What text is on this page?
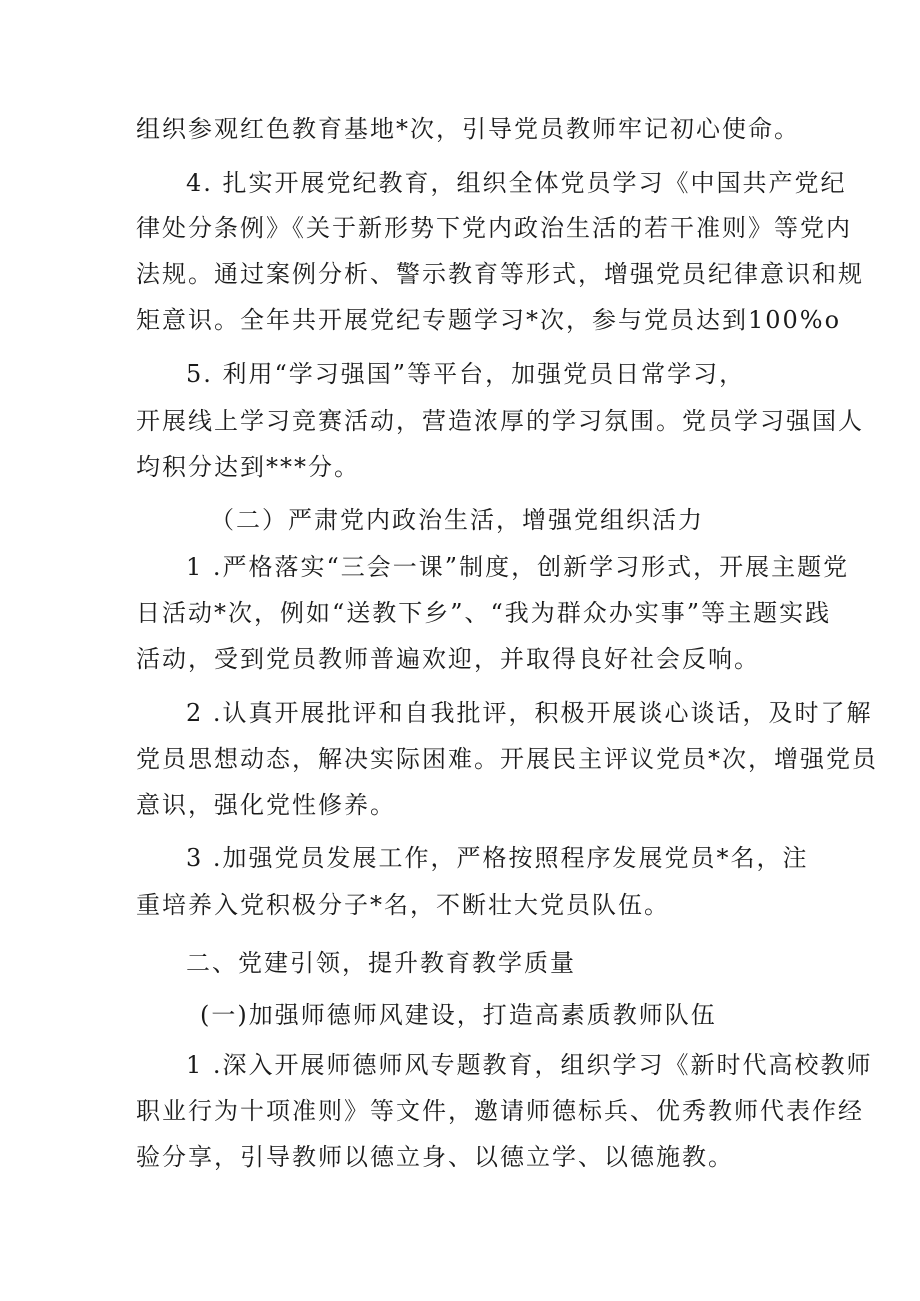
组织参观红色教育基地*次，引导党员教师牢记初心使命。
4. 扎实开展党纪教育，组织全体党员学习《中国共产党纪
律处分条例》《关于新形势下党内政治生活的若干准则》等党内
法规。通过案例分析、警示教育等形式，增强党员纪律意识和规
矩意识。全年共开展党纪专题学习*次，参与党员达到100%o
5. 利用“学习强国”等平台，加强党员日常学习，
开展线上学习竞赛活动，营造浓厚的学习氛围。党员学习强国人
均积分达到***分。
（二）严肃党内政治生活，增强党组织活力
1 .严格落实“三会一课”制度，创新学习形式，开展主题党
日活动*次，例如“送教下乡”、“我为群众办实事”等主题实践
活动，受到党员教师普遍欢迎，并取得良好社会反响。
2 .认真开展批评和自我批评，积极开展谈心谈话，及时了解
党员思想动态，解决实际困难。开展民主评议党员*次，增强党员
意识，强化党性修养。
3 .加强党员发展工作，严格按照程序发展党员*名，注
重培养入党积极分子*名，不断壮大党员队伍。
二、党建引领，提升教育教学质量
(一)加强师德师风建设，打造高素质教师队伍
1 .深入开展师德师风专题教育，组织学习《新时代高校教师
职业行为十项准则》等文件，邀请师德标兵、优秀教师代表作经
验分享，引导教师以德立身、以德立学、以德施教。
